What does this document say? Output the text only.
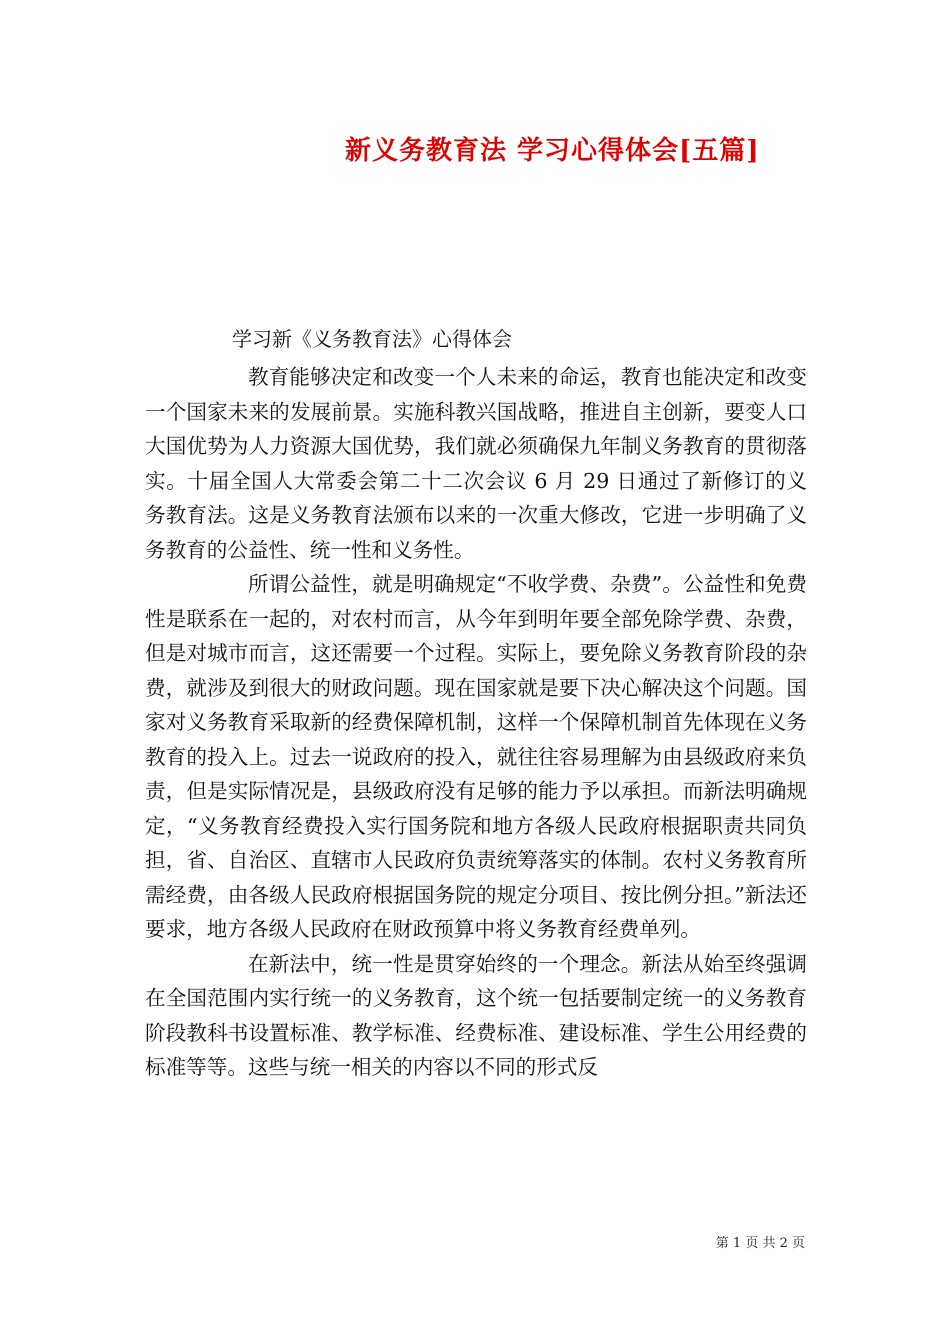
新义务教育法 学习心得体会[五篇]
学习新《义务教育法》心得体会

教育能够决定和改变一个人未来的命运，教育也能决定和改变一个国家未来的发展前景。实施科教兴国战略，推进自主创新，要变人口大国优势为人力资源大国优势，我们就必须确保九年制义务教育的贯彻落实。十届全国人大常委会第二十二次会议 6 月 29 日通过了新修订的义务教育法。这是义务教育法颁布以来的一次重大修改，它进一步明确了义务教育的公益性、统一性和义务性。

所谓公益性，就是明确规定“不收学费、杂费”。公益性和免费性是联系在一起的，对农村而言，从今年到明年要全部免除学费、杂费，但是对城市而言，这还需要一个过程。实际上，要免除义务教育阶段的杂费，就涉及到很大的财政问题。现在国家就是要下决心解决这个问题。国家对义务教育采取新的经费保障机制，这样一个保障机制首先体现在义务教育的投入上。过去一说政府的投入，就往往容易理解为由县级政府来负责，但是实际情况是，县级政府没有足够的能力予以承担。而新法明确规定，“义务教育经费投入实行国务院和地方各级人民政府根据职责共同负担，省、自治区、直辖市人民政府负责统筹落实的体制。农村义务教育所需经费，由各级人民政府根据国务院的规定分项目、按比例分担。”新法还要求，地方各级人民政府在财政预算中将义务教育经费单列。

在新法中，统一性是贯穿始终的一个理念。新法从始至终强调在全国范围内实行统一的义务教育，这个统一包括要制定统一的义务教育阶段教科书设置标准、教学标准、经费标准、建设标准、学生公用经费的标准等等。这些与统一相关的内容以不同的形式反

第 1 页 共 2 页
